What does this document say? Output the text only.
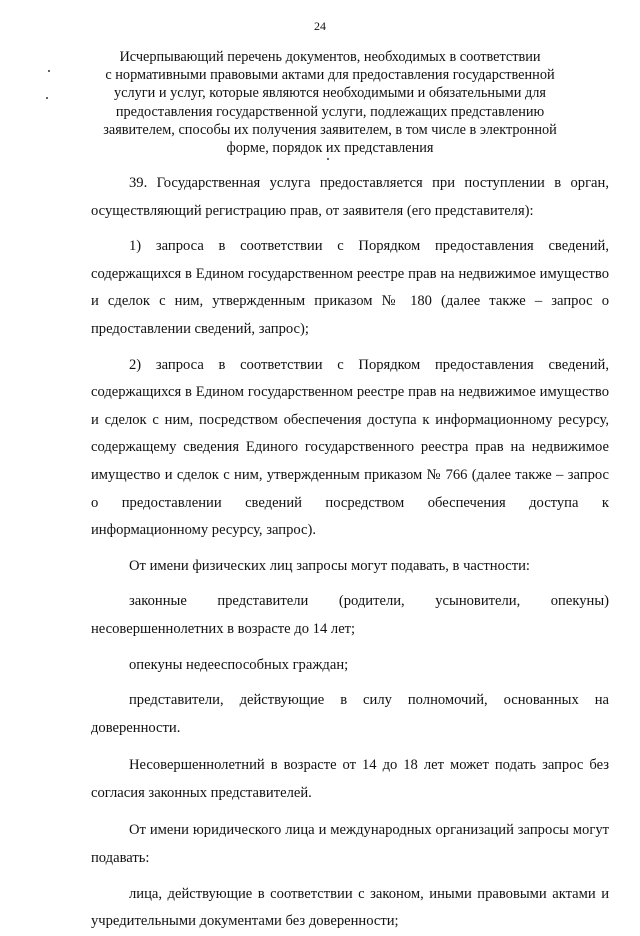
24
Исчерпывающий перечень документов, необходимых в соответствии
с нормативными правовыми актами для предоставления государственной
услуги и услуг, которые являются необходимыми и обязательными для
предоставления государственной услуги, подлежащих представлению
заявителем, способы их получения заявителем, в том числе в электронной
форме, порядок их представления

39. Государственная услуга предоставляется при поступлении в орган, осуществляющий регистрацию прав, от заявителя (его представителя):

1) запроса в соответствии с Порядком предоставления сведений, содержащихся в Едином государственном реестре прав на недвижимое имущество и сделок с ним, утвержденным приказом № 180 (далее также – запрос о предоставлении сведений, запрос);

2) запроса в соответствии с Порядком предоставления сведений, содержащихся в Едином государственном реестре прав на недвижимое имущество и сделок с ним, посредством обеспечения доступа к информационному ресурсу, содержащему сведения Единого государственного реестра прав на недвижимое имущество и сделок с ним, утвержденным приказом № 766 (далее также – запрос о предоставлении сведений посредством обеспечения доступа к информационному ресурсу, запрос).

От имени физических лиц запросы могут подавать, в частности:

законные представители (родители, усыновители, опекуны) несовершеннолетних в возрасте до 14 лет;

опекуны недееспособных граждан;

представители, действующие в силу полномочий, основанных на доверенности.

Несовершеннолетний в возрасте от 14 до 18 лет может подать запрос без согласия законных представителей.

От имени юридического лица и международных организаций запросы могут подавать:

лица, действующие в соответствии с законом, иными правовыми актами и учредительными документами без доверенности;
